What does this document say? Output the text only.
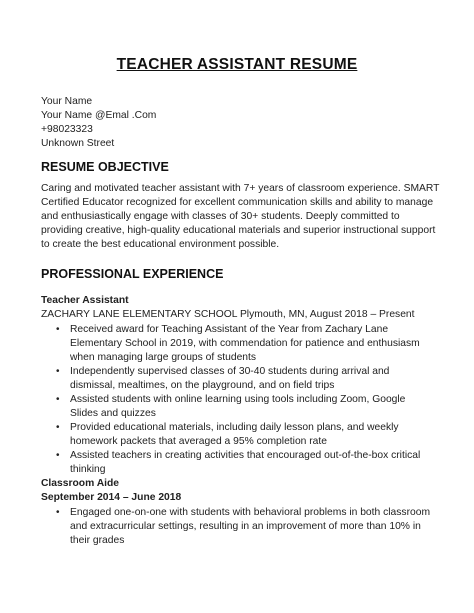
TEACHER ASSISTANT RESUME
Your Name
Your Name @Emal .Com
+98023323
Unknown Street
RESUME OBJECTIVE
Caring and motivated teacher assistant with 7+ years of classroom experience. SMART Certified Educator recognized for excellent communication skills and ability to manage and enthusiastically engage with classes of 30+ students. Deeply committed to providing creative, high-quality educational materials and superior instructional support to create the best educational environment possible.
PROFESSIONAL EXPERIENCE
Teacher Assistant
ZACHARY LANE ELEMENTARY SCHOOL Plymouth, MN, August 2018 – Present
• Received award for Teaching Assistant of the Year from Zachary Lane Elementary School in 2019, with commendation for patience and enthusiasm when managing large groups of students
• Independently supervised classes of 30-40 students during arrival and dismissal, mealtimes, on the playground, and on field trips
• Assisted students with online learning using tools including Zoom, Google Slides and quizzes
• Provided educational materials, including daily lesson plans, and weekly homework packets that averaged a 95% completion rate
• Assisted teachers in creating activities that encouraged out-of-the-box critical thinking
Classroom Aide
September 2014 – June 2018
• Engaged one-on-one with students with behavioral problems in both classroom and extracurricular settings, resulting in an improvement of more than 10% in their grades
